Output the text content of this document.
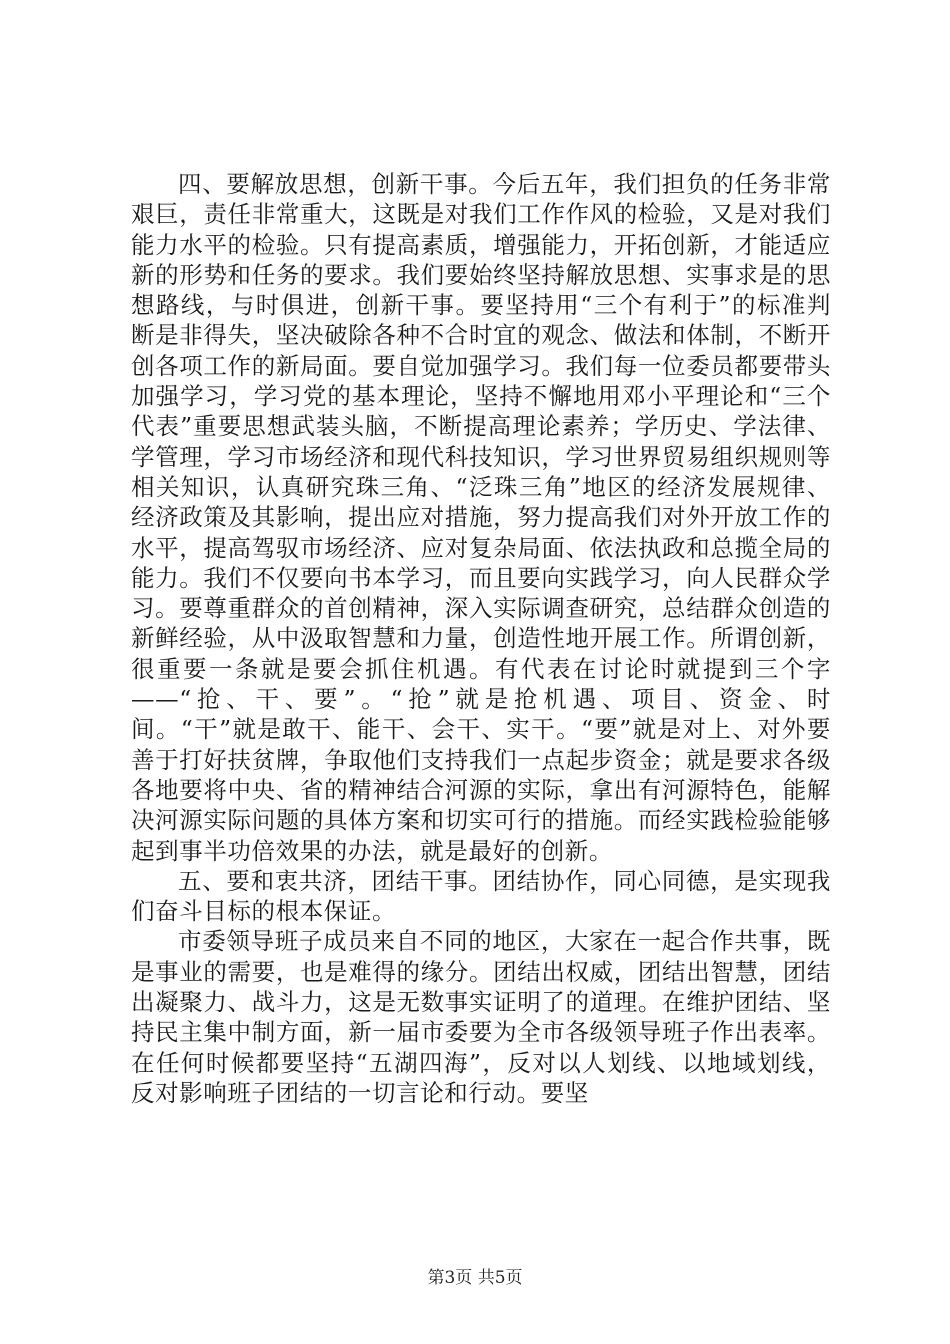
四、要解放思想，创新干事。今后五年，我们担负的任务非常艰巨，责任非常重大，这既是对我们工作作风的检验，又是对我们能力水平的检验。只有提高素质，增强能力，开拓创新，才能适应新的形势和任务的要求。我们要始终坚持解放思想、实事求是的思想路线，与时俱进，创新干事。要坚持用“三个有利于”的标准判断是非得失，坚决破除各种不合时宜的观念、做法和体制，不断开创各项工作的新局面。要自觉加强学习。我们每一位委员都要带头加强学习，学习党的基本理论，坚持不懈地用邓小平理论和“三个代表”重要思想武装头脑，不断提高理论素养；学历史、学法律、学管理，学习市场经济和现代科技知识，学习世界贸易组织规则等相关知识，认真研究珠三角、“泛珠三角”地区的经济发展规律、经济政策及其影响，提出应对措施，努力提高我们对外开放工作的水平，提高驾驭市场经济、应对复杂局面、依法执政和总揽全局的能力。我们不仅要向书本学习，而且要向实践学习，向人民群众学习。要尊重群众的首创精神，深入实际调查研究，总结群众创造的新鲜经验，从中汲取智慧和力量，创造性地开展工作。所谓创新，很重要一条就是要会抓住机遇。有代表在讨论时就提到三个字——“抢、干、要”。“抢”就是抢机遇、项目、资金、时间。“干”就是敢干、能干、会干、实干。“要”就是对上、对外要善于打好扶贫牌，争取他们支持我们一点起步资金；就是要求各级各地要将中央、省的精神结合河源的实际，拿出有河源特色，能解决河源实际问题的具体方案和切实可行的措施。而经实践检验能够起到事半功倍效果的办法，就是最好的创新。

五、要和衷共济，团结干事。团结协作，同心同德，是实现我们奋斗目标的根本保证。

市委领导班子成员来自不同的地区，大家在一起合作共事，既是事业的需要，也是难得的缘分。团结出权威，团结出智慧，团结出凝聚力、战斗力，这是无数事实证明了的道理。在维护团结、坚持民主集中制方面，新一届市委要为全市各级领导班子作出表率。在任何时候都要坚持“五湖四海”，反对以人划线、以地域划线，反对影响班子团结的一切言论和行动。要坚

第3页 共5页
